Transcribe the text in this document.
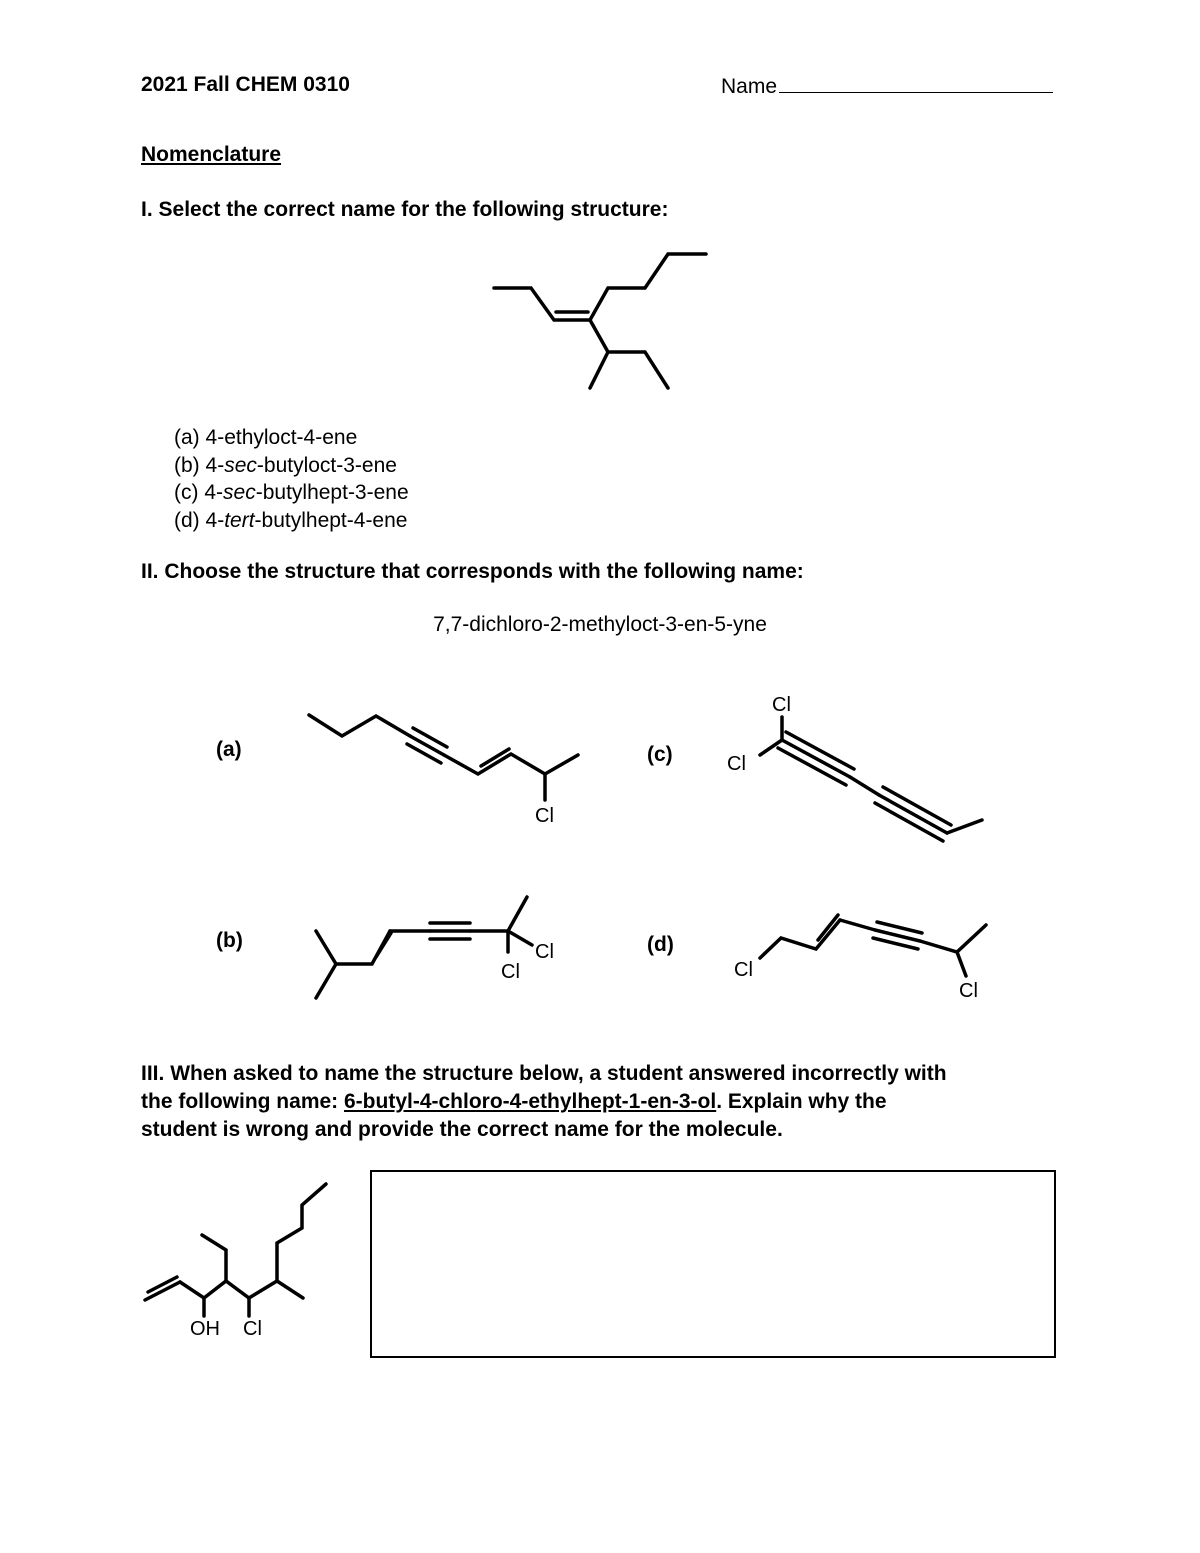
2021 Fall CHEM 0310	Name
Nomenclature
I. Select the correct name for the following structure:
(a) 4-ethyloct-4-ene
(b) 4-sec-butyloct-3-ene
(c) 4-sec-butylhept-3-ene
(d) 4-tert-butylhept-4-ene
II. Choose the structure that corresponds with the following name:
7,7-dichloro-2-methyloct-3-en-5-yne
(a)	(c)
(b)	(d)
Cl
Cl
Cl
Cl
Cl	Cl
Cl
III. When asked to name the structure below, a student answered incorrectly with
the following name: 6-butyl-4-chloro-4-ethylhept-1-en-3-ol. Explain why the
student is wrong and provide the correct name for the molecule.
OH Cl
